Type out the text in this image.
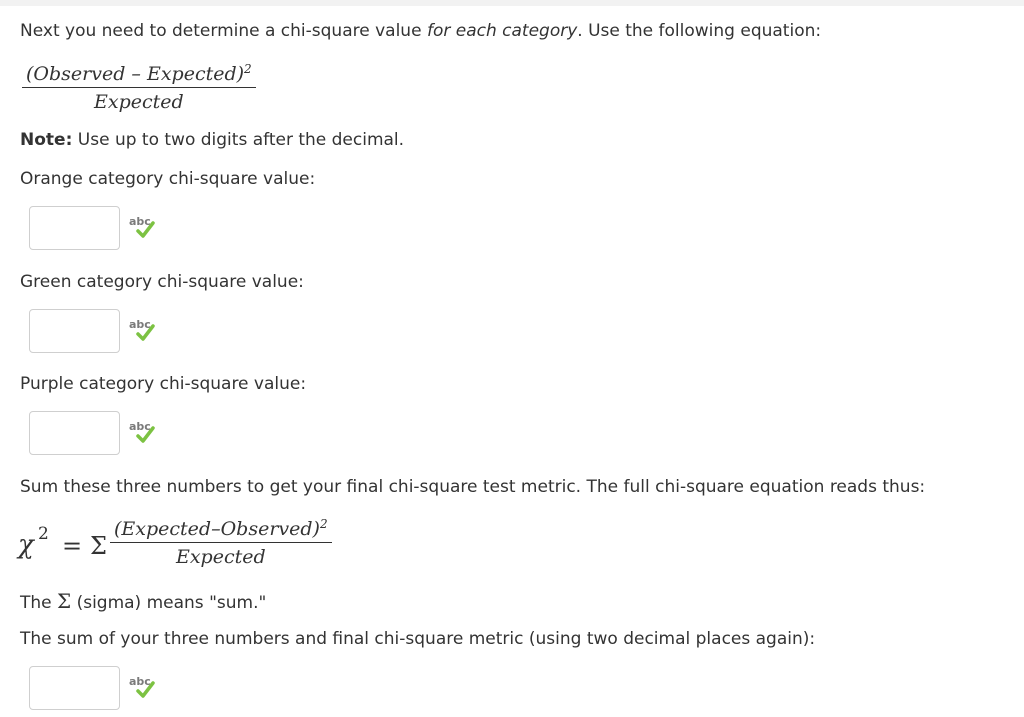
Next you need to determine a chi-square value for each category. Use the following equation:
(Observed – Expected)$^2$
Expected
Note: Use up to two digits after the decimal.
Orange category chi-square value:
abc
Green category chi-square value:
abc
Purple category chi-square value:
abc
Sum these three numbers to get your final chi-square test metric. The full chi-square equation reads thus:
χ 2 = Σ
(Expected–Observed)$^2$
Expected
The Σ (sigma) means "sum."
The sum of your three numbers and final chi-square metric (using two decimal places again):
abc
